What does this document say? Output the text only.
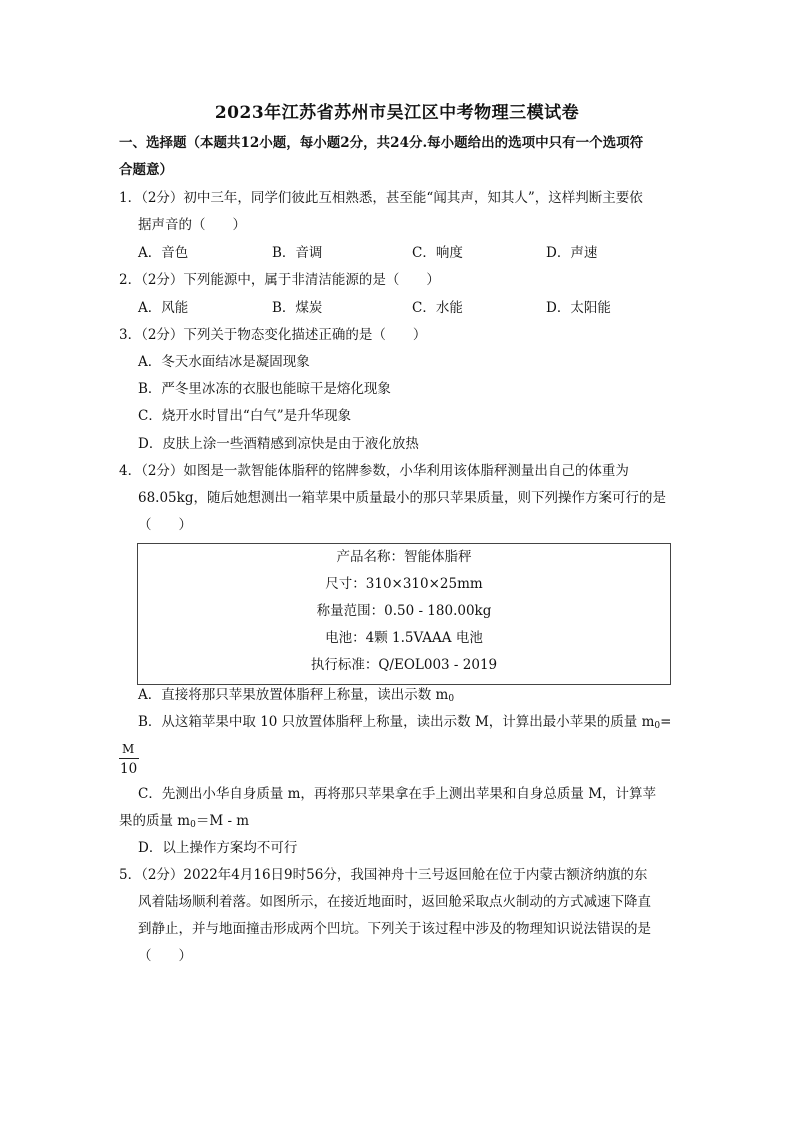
2023年江苏省苏州市吴江区中考物理三模试卷
一、选择题（本题共12小题，每小题2分，共24分.每小题给出的选项中只有一个选项符
合题意）
1．（2分）初中三年，同学们彼此互相熟悉，甚至能“闻其声，知其人”，这样判断主要依
据声音的（　　）
A．音色	B．音调	C．响度	D．声速
2．（2分）下列能源中，属于非清洁能源的是（　　）
A．风能	B．煤炭	C．水能	D．太阳能
3．（2分）下列关于物态变化描述正确的是（　　）
A．冬天水面结冰是凝固现象
B．严冬里冰冻的衣服也能晾干是熔化现象
C．烧开水时冒出“白气”是升华现象
D．皮肤上涂一些酒精感到凉快是由于液化放热
4．（2分）如图是一款智能体脂秤的铭牌参数，小华利用该体脂秤测量出自己的体重为
68.05kg，随后她想测出一箱苹果中质量最小的那只苹果质量，则下列操作方案可行的是
（　　）
产品名称：智能体脂秤
尺寸：310×310×25mm
称量范围：0.50 - 180.00kg
电池：4颗 1.5VAAA 电池
执行标准：Q/EOL003 - 2019
A．直接将那只苹果放置体脂秤上称量，读出示数 $m_0$
B．从这箱苹果中取 10 只放置体脂秤上称量，读出示数 M，计算出最小苹果的质量 $m_0=$
M
10
C．先测出小华自身质量 m，再将那只苹果拿在手上测出苹果和自身总质量 M，计算苹
果的质量 $m_0=M - m$
D．以上操作方案均不可行
5．（2分）2022年4月16日9时56分，我国神舟十三号返回舱在位于内蒙古额济纳旗的东
风着陆场顺利着落。如图所示，在接近地面时，返回舱采取点火制动的方式减速下降直
到静止，并与地面撞击形成两个凹坑。下列关于该过程中涉及的物理知识说法错误的是
（　　）
